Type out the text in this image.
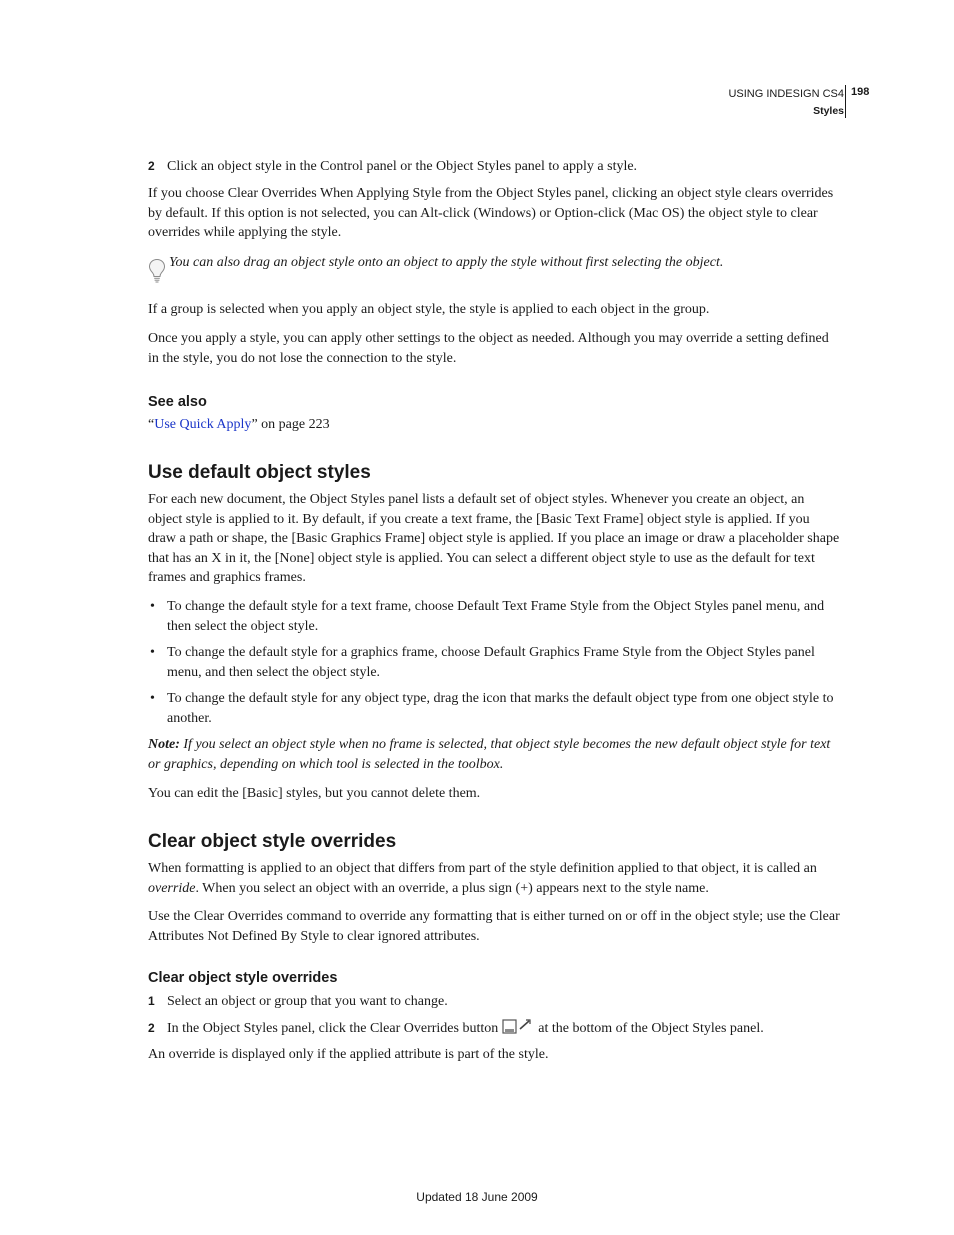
USING INDESIGN CS4
Styles
198

2 Click an object style in the Control panel or the Object Styles panel to apply a style.

If you choose Clear Overrides When Applying Style from the Object Styles panel, clicking an object style clears overrides by default. If this option is not selected, you can Alt-click (Windows) or Option-click (Mac OS) the object style to clear overrides while applying the style.

You can also drag an object style onto an object to apply the style without first selecting the object.

If a group is selected when you apply an object style, the style is applied to each object in the group.

Once you apply a style, you can apply other settings to the object as needed. Although you may override a setting defined in the style, you do not lose the connection to the style.

See also

“Use Quick Apply” on page 223

Use default object styles

For each new document, the Object Styles panel lists a default set of object styles. Whenever you create an object, an object style is applied to it. By default, if you create a text frame, the [Basic Text Frame] object style is applied. If you draw a path or shape, the [Basic Graphics Frame] object style is applied. If you place an image or draw a placeholder shape that has an X in it, the [None] object style is applied. You can select a different object style to use as the default for text frames and graphics frames.

• To change the default style for a text frame, choose Default Text Frame Style from the Object Styles panel menu, and then select the object style.
• To change the default style for a graphics frame, choose Default Graphics Frame Style from the Object Styles panel menu, and then select the object style.
• To change the default style for any object type, drag the icon that marks the default object type from one object style to another.

Note: If you select an object style when no frame is selected, that object style becomes the new default object style for text or graphics, depending on which tool is selected in the toolbox.

You can edit the [Basic] styles, but you cannot delete them.

Clear object style overrides

When formatting is applied to an object that differs from part of the style definition applied to that object, it is called an override. When you select an object with an override, a plus sign (+) appears next to the style name.

Use the Clear Overrides command to override any formatting that is either turned on or off in the object style; use the Clear Attributes Not Defined By Style to clear ignored attributes.

Clear object style overrides

1 Select an object or group that you want to change.

2 In the Object Styles panel, click the Clear Overrides button	at the bottom of the Object Styles panel.

An override is displayed only if the applied attribute is part of the style.

Updated 18 June 2009
